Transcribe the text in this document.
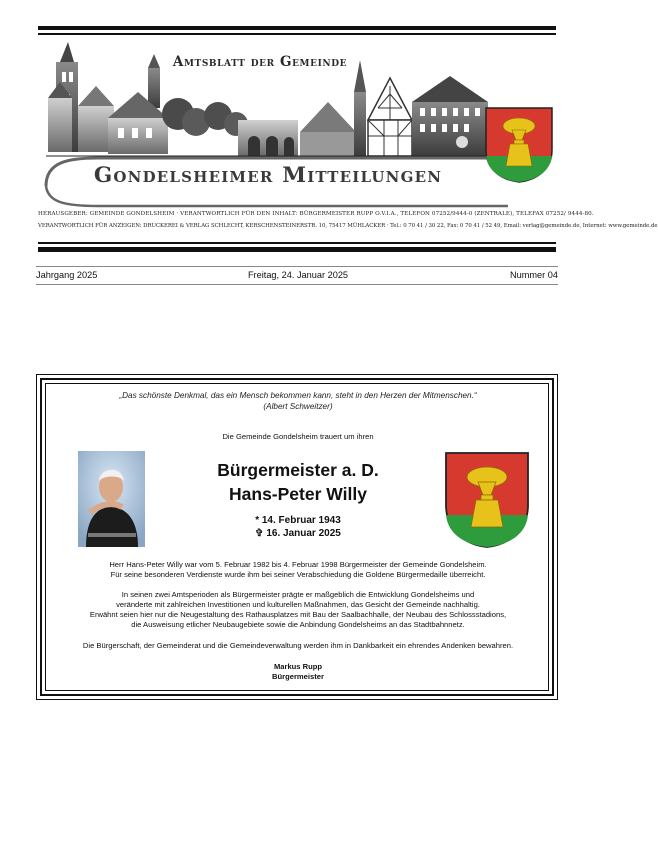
Amtsblatt der Gemeinde
Gondelsheimer Mitteilungen
HERAUSGEBER: GEMEINDE GONDELSHEIM · VERANTWORTLICH FÜR DEN INHALT: BÜRGERMEISTER RUPP O.V.I.A., TELEFON 07252/9444-0 (ZENTRALE), TELEFAX 07252/ 9444-80.
VERANTWORTLICH FÜR ANZEIGEN: DRUCKEREI & VERLAG SCHLECHT, KERSCHENSTEINERSTR. 10, 75417 MÜHLACKER · Tel.: 0 70 41 / 30 22, Fax: 0 70 41 / 52 49, Email: verlag@gemeinde.de, Internet: www.gemeinde.de
Jahrgang 2025	Freitag, 24. Januar 2025	Nummer 04
„Das schönste Denkmal, das ein Mensch bekommen kann, steht in den Herzen der Mitmenschen.“
(Albert Schweitzer)
Die Gemeinde Gondelsheim trauert um ihren
Bürgermeister a. D.
Hans-Peter Willy
* 14. Februar 1943
✞ 16. Januar 2025
Herr Hans-Peter Willy war vom 5. Februar 1982 bis 4. Februar 1998 Bürgermeister der Gemeinde Gondelsheim.
Für seine besonderen Verdienste wurde ihm bei seiner Verabschiedung die Goldene Bürgermedaille überreicht.
In seinen zwei Amtsperioden als Bürgermeister prägte er maßgeblich die Entwicklung Gondelsheims und
veränderte mit zahlreichen Investitionen und kulturellen Maßnahmen, das Gesicht der Gemeinde nachhaltig.
Erwähnt seien hier nur die Neugestaltung des Rathausplatzes mit Bau der Saalbachhalle, der Neubau des Schlossstadions,
die Ausweisung etlicher Neubaugebiete sowie die Anbindung Gondelsheims an das Stadtbahnnetz.
Die Bürgerschaft, der Gemeinderat und die Gemeindeverwaltung werden ihm in Dankbarkeit ein ehrendes Andenken bewahren.
Markus Rupp
Bürgermeister
